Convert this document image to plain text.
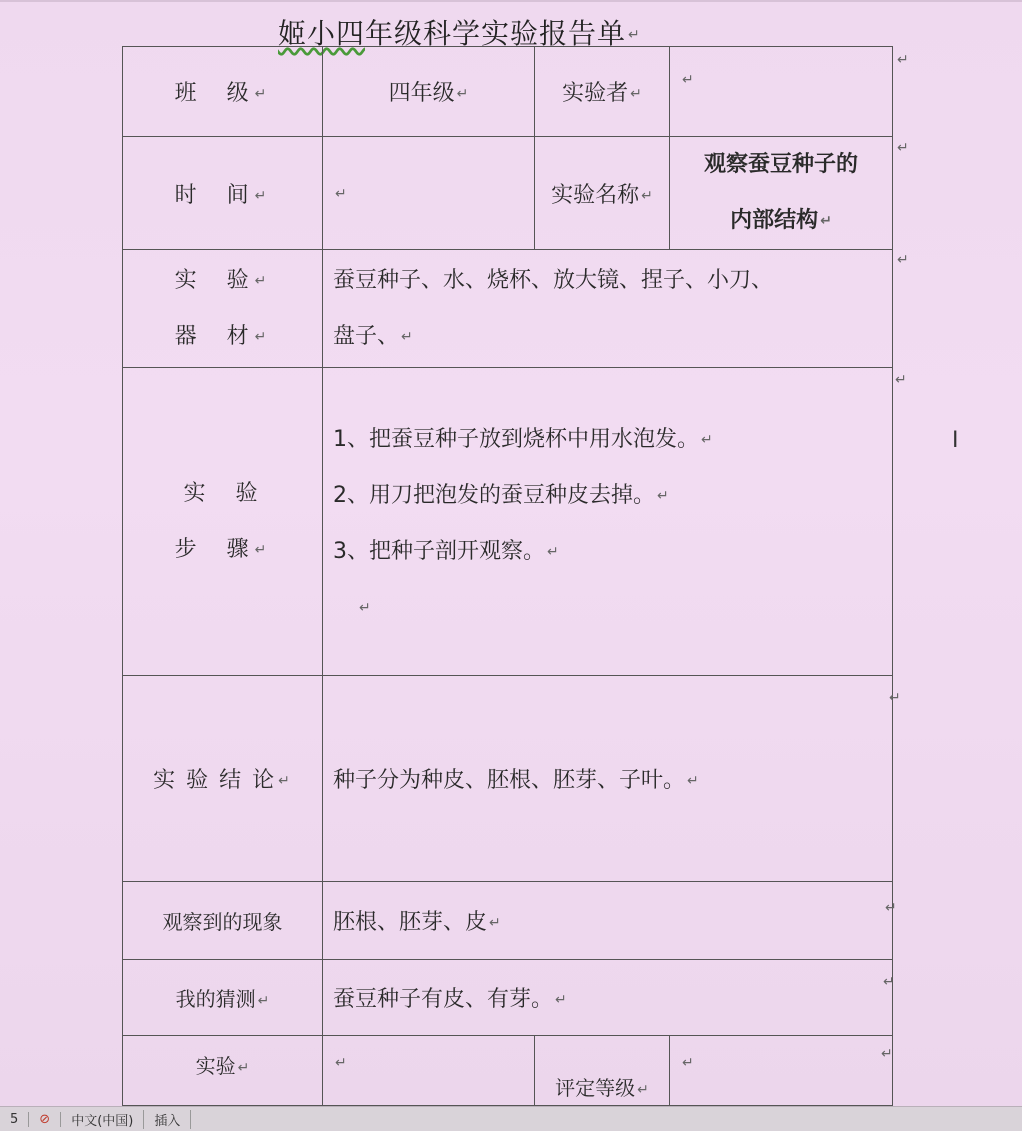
姬小四年级科学实验报告单 ↵
班　级 ↵	四年级 ↵	实验者 ↵	↵
时　间 ↵	↵	实验名称 ↵	观察蚕豆种子的
内部结构 ↵

实　验 ↵
器　材 ↵	蚕豆种子、水、烧杯、放大镜、捏子、小刀、
盘子、 ↵		

实　验
步　骤 ↵	1、把蚕豆种子放到烧杯中用水泡发。 ↵
2、用刀把泡发的蚕豆种皮去掉。 ↵
3、把种子剖开观察。 ↵
↵		

实 验 结 论 ↵	种子分为种皮、胚根、胚芽、子叶。 ↵		
观察到的现象	胚根、胚芽、皮 ↵		
我的猜测 ↵	蚕豆种子有皮、有芽。 ↵		
实验 ↵	↵	评定等级 ↵	↵
↵
↵
↵
↵
↵
↵
↵
↵
I
5	⊘	中文(中国)	插入
